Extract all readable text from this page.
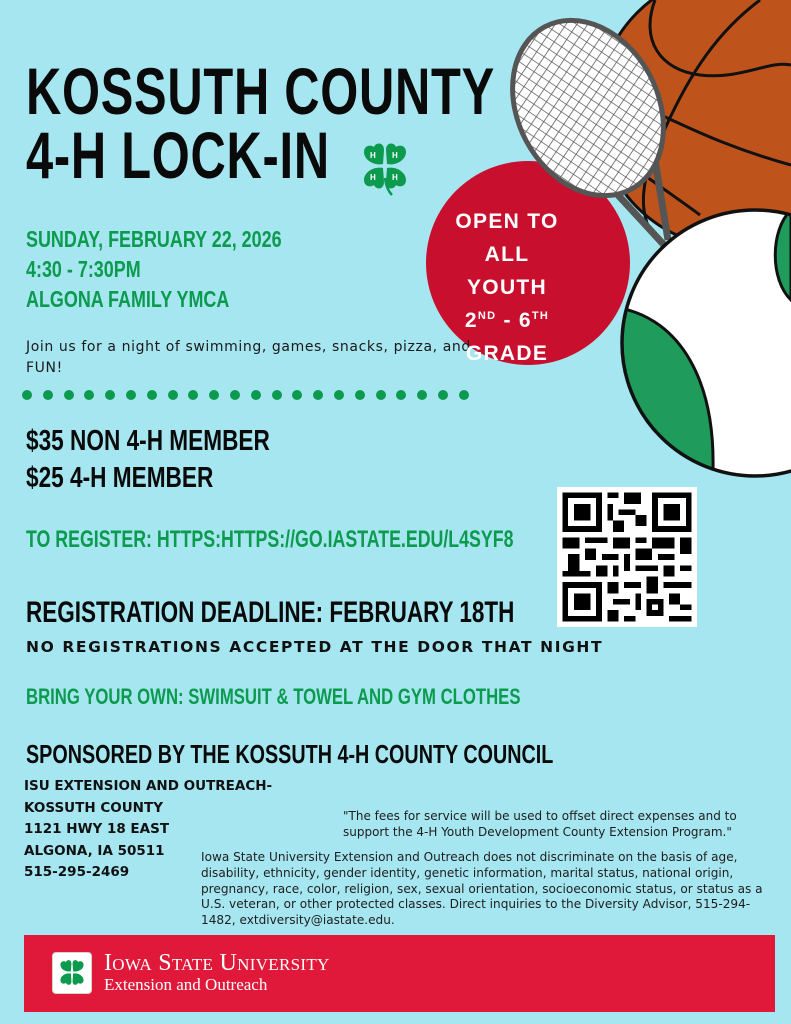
KOSSUTH COUNTY
4-H LOCK-IN	H H
H H
SUNDAY, FEBRUARY 22, 2026
4:30 - 7:30PM
ALGONA FAMILY YMCA
Join us for a night of swimming, games, snacks, pizza, and FUN!
OPEN TO ALL
YOUTH
2ND - 6TH
GRADE
$35 NON 4-H MEMBER
$25 4-H MEMBER
TO REGISTER: HTTPS:HTTPS://GO.IASTATE.EDU/L4SYF8
REGISTRATION DEADLINE: FEBRUARY 18TH
NO REGISTRATIONS ACCEPTED AT THE DOOR THAT NIGHT
BRING YOUR OWN: SWIMSUIT & TOWEL AND GYM CLOTHES
SPONSORED BY THE KOSSUTH 4-H COUNTY COUNCIL
ISU EXTENSION AND OUTREACH-
KOSSUTH COUNTY
1121 HWY 18 EAST
ALGONA, IA 50511
515-295-2469
"The fees for service will be used to offset direct expenses and to support the 4-H Youth Development County Extension Program."
Iowa State University Extension and Outreach does not discriminate on the basis of age, disability, ethnicity, gender identity, genetic information, marital status, national origin, pregnancy, race, color, religion, sex, sexual orientation, socioeconomic status, or status as a U.S. veteran, or other protected classes. Direct inquiries to the Diversity Advisor, 515-294-1482, extdiversity@iastate.edu.
Iowa State University
Extension and Outreach
